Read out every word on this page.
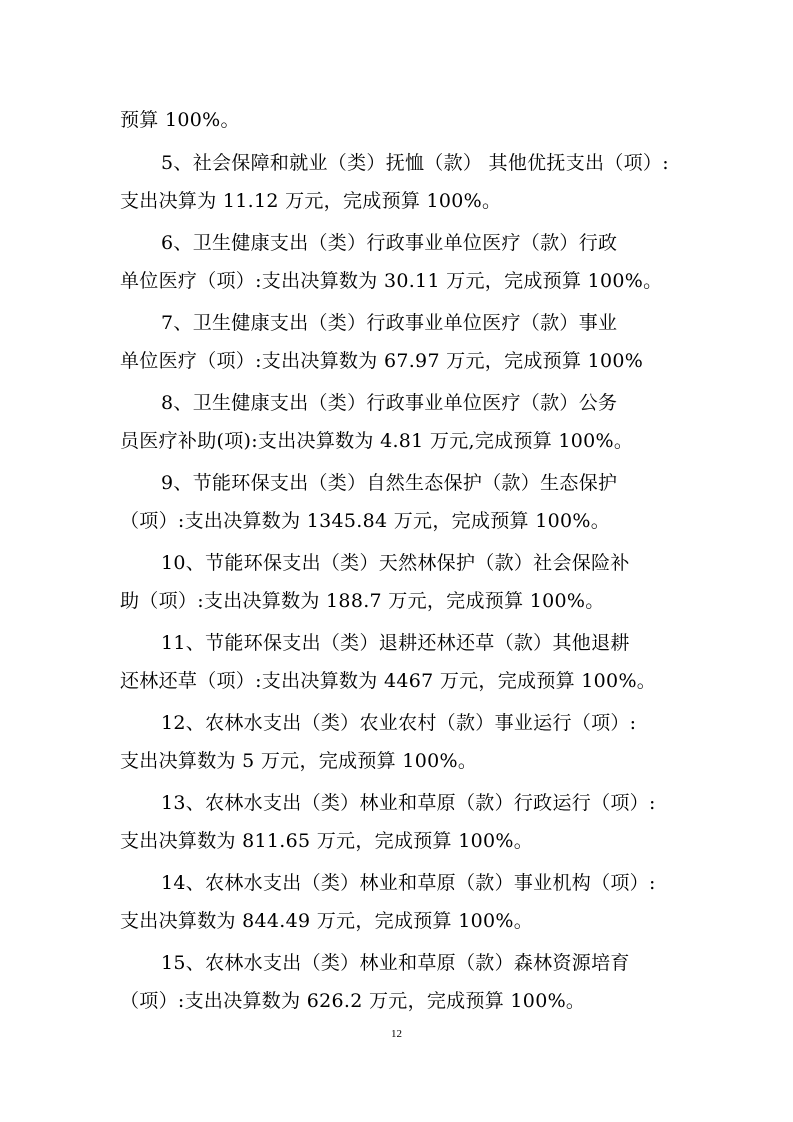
预算 100%。
5、社会保障和就业（类）抚恤（款） 其他优抚支出（项）:
支出决算为 11.12 万元，完成预算 100%。
6、卫生健康支出（类）行政事业单位医疗（款）行政
单位医疗（项）:支出决算数为 30.11 万元，完成预算 100%。
7、卫生健康支出（类）行政事业单位医疗（款）事业
单位医疗（项）:支出决算数为 67.97 万元，完成预算 100%
8、卫生健康支出（类）行政事业单位医疗（款）公务
员医疗补助(项):支出决算数为 4.81 万元,完成预算 100%。
9、节能环保支出（类）自然生态保护（款）生态保护
（项）:支出决算数为 1345.84 万元，完成预算 100%。
10、节能环保支出（类）天然林保护（款）社会保险补
助（项）:支出决算数为 188.7 万元，完成预算 100%。
11、节能环保支出（类）退耕还林还草（款）其他退耕
还林还草（项）:支出决算数为 4467 万元，完成预算 100%。
12、农林水支出（类）农业农村（款）事业运行（项）:
支出决算数为 5 万元，完成预算 100%。
13、农林水支出（类）林业和草原（款）行政运行（项）:
支出决算数为 811.65 万元，完成预算 100%。
14、农林水支出（类）林业和草原（款）事业机构（项）:
支出决算数为 844.49 万元，完成预算 100%。
15、农林水支出（类）林业和草原（款）森林资源培育
（项）:支出决算数为 626.2 万元，完成预算 100%。
12
